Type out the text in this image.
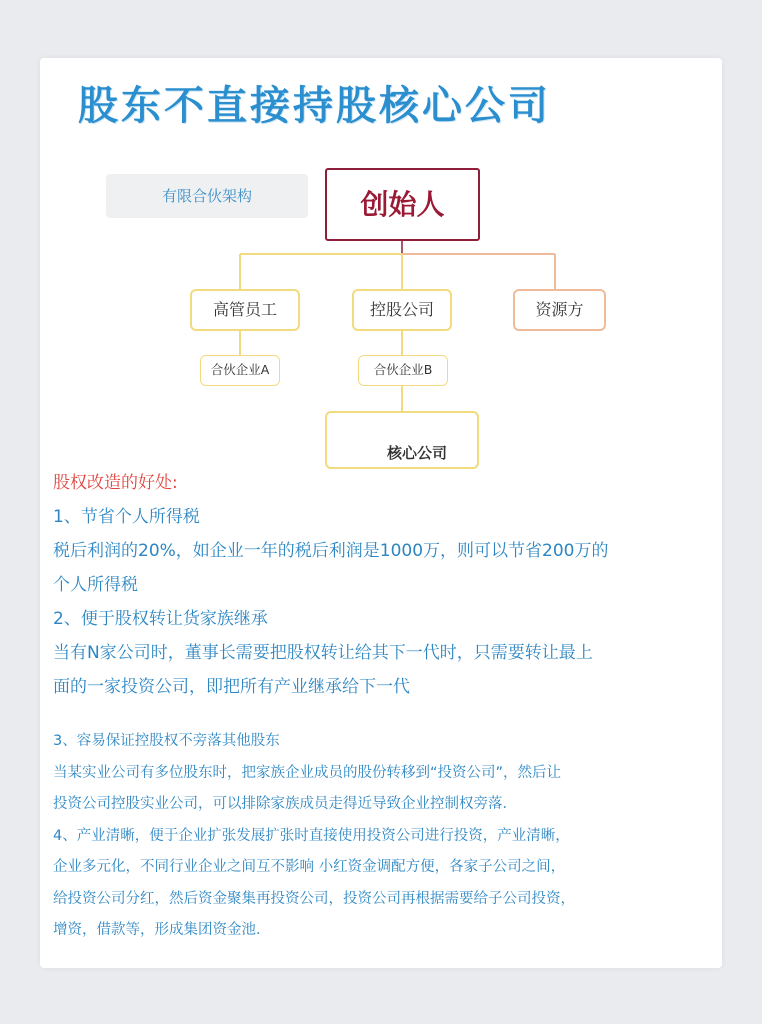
股东不直接持股核心公司
有限合伙架构	创始人
高管员工	控股公司	资源方
合伙企业A	合伙企业B
核心公司

股权改造的好处:

1、节省个人所得税

税后利润的20%，如企业一年的税后利润是1000万，则可以节省200万的

个人所得税

2、便于股权转让货家族继承

当有N家公司时，董事长需要把股权转让给其下一代时，只需要转让最上

面的一家投资公司，即把所有产业继承给下一代

3、容易保证控股权不旁落其他股东

当某实业公司有多位股东时，把家族企业成员的股份转移到“投资公司”，然后让

投资公司控股实业公司，可以排除家族成员走得近导致企业控制权旁落．

4、产业清晰，便于企业扩张发展扩张时直接使用投资公司进行投资，产业清晰，

企业多元化，不同行业企业之间互不影响 小红资金调配方便，各家子公司之间，

给投资公司分红，然后资金聚集再投资公司，投资公司再根据需要给子公司投资，

增资，借款等，形成集团资金池．
